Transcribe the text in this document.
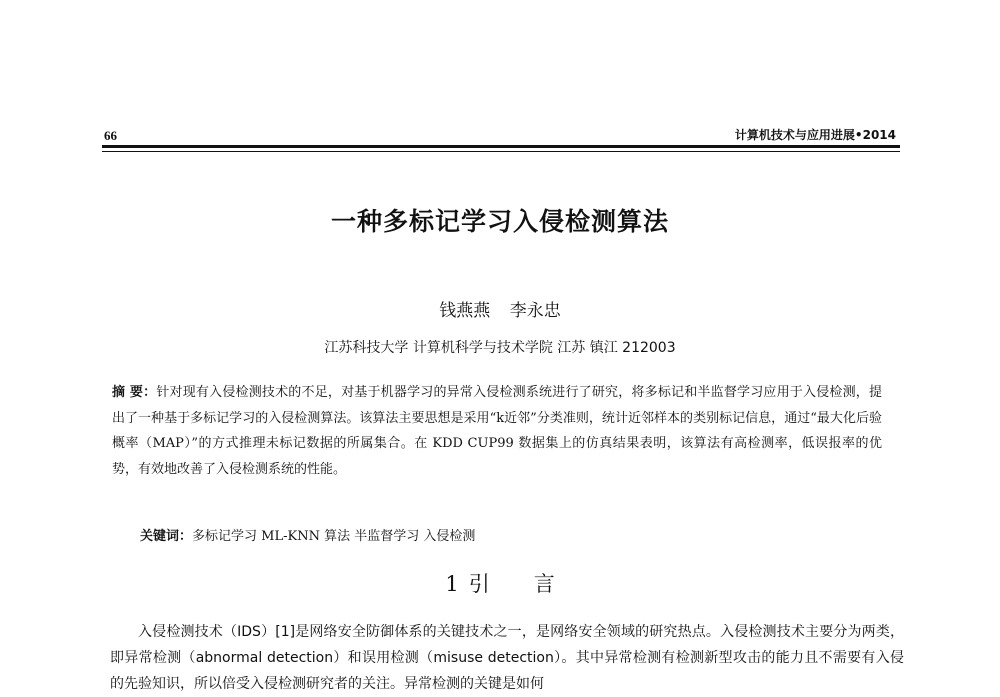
66	计算机技术与应用进展•2014
一种多标记学习入侵检测算法
钱燕燕 李永忠
江苏科技大学 计算机科学与技术学院 江苏 镇江 212003
摘 要：针对现有入侵检测技术的不足，对基于机器学习的异常入侵检测系统进行了研究，将多标记和半监督学习应用于入侵检测，提出了一种基于多标记学习的入侵检测算法。该算法主要思想是采用“k近邻”分类准则，统计近邻样本的类别标记信息，通过“最大化后验概率（MAP）”的方式推理未标记数据的所属集合。在 KDD CUP99 数据集上的仿真结果表明，该算法有高检测率，低误报率的优势，有效地改善了入侵检测系统的性能。
关键词：多标记学习 ML-KNN 算法 半监督学习 入侵检测
1 引 言
入侵检测技术（IDS）[1]是网络安全防御体系的关键技术之一，是网络安全领域的研究热点。入侵检测技术主要分为两类，即异常检测（abnormal detection）和误用检测（misuse detection）。其中异常检测有检测新型攻击的能力且不需要有入侵的先验知识，所以倍受入侵检测研究者的关注。异常检测的关键是如何
